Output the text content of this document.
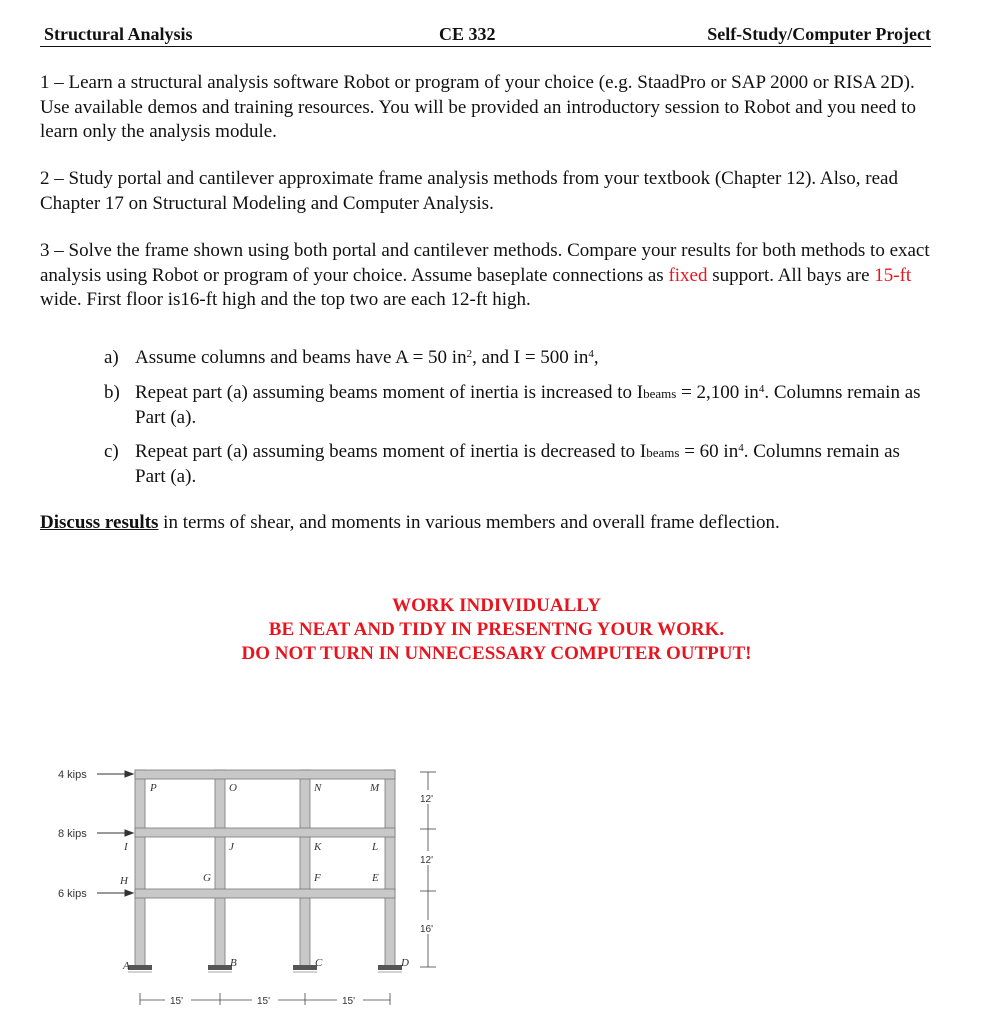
Structural Analysis	CE 332	Self-Study/Computer Project
1 – Learn a structural analysis software Robot or program of your choice (e.g. StaadPro or SAP 2000 or RISA 2D). Use available demos and training resources. You will be provided an introductory session to Robot and you need to learn only the analysis module.
2 – Study portal and cantilever approximate frame analysis methods from your textbook (Chapter 12). Also, read Chapter 17 on Structural Modeling and Computer Analysis.
3 – Solve the frame shown using both portal and cantilever methods. Compare your results for both methods to exact analysis using Robot or program of your choice. Assume baseplate connections as fixed support. All bays are 15-ft wide. First floor is16-ft high and the top two are each 12-ft high.
a) Assume columns and beams have A = 50 $in^2$, and I = 500 $in^4$,
b) Repeat part (a) assuming beams moment of inertia is increased to Ibeams = 2,100 $in^4$. Columns remain as Part (a).
c) Repeat part (a) assuming beams moment of inertia is decreased to Ibeams = 60 $in^4$. Columns remain as Part (a).
Discuss results in terms of shear, and moments in various members and overall frame deflection.
WORK INDIVIDUALLY
BE NEAT AND TIDY IN PRESENTNG YOUR WORK.
DO NOT TURN IN UNNECESSARY COMPUTER OUTPUT!
4 kips
8 kips
6 kips
12'
12'
16'
15'	15'	15'
P	O	N	M
I	J	K	L
H	G	F	E
A	B	C	D
